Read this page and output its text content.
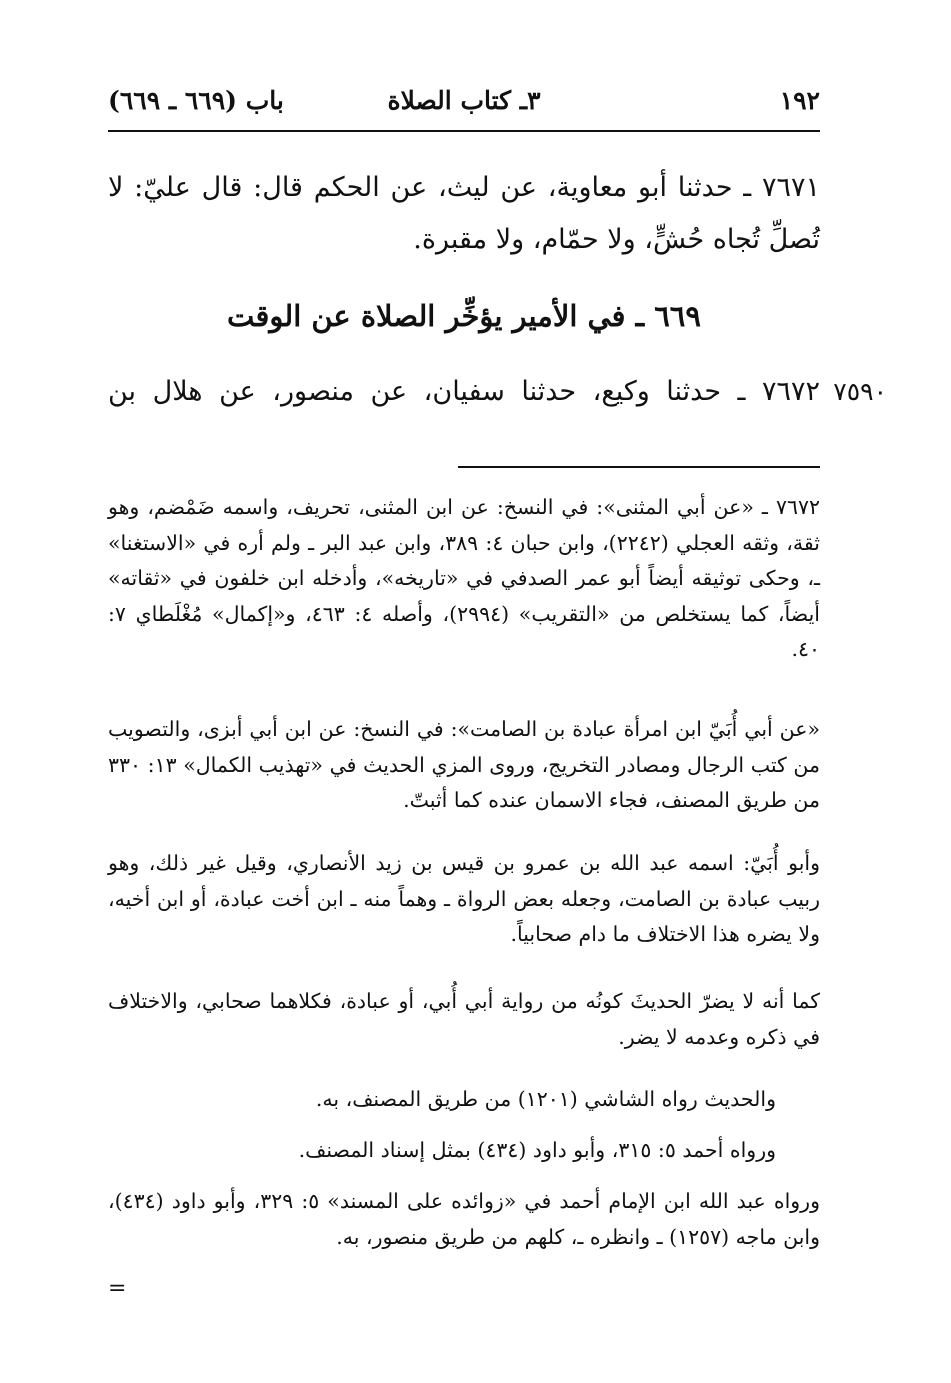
١٩٢
٣ـ كتاب الصلاة
باب (٦٦٩ ـ ٦٦٩)
٧٦٧١ ـ حدثنا أبو معاوية، عن ليث، عن الحكم قال: قال عليّ: لا تُصلِّ تُجاه حُشٍّ، ولا حمّام، ولا مقبرة.
٦٦٩ ـ في الأمير يؤخِّر الصلاة عن الوقت
٧٥٩٠
٧٦٧٢ ـ حدثنا وكيع، حدثنا سفيان، عن منصور، عن هلال بن
٧٦٧٢ ـ «عن أبي المثنى»: في النسخ: عن ابن المثنى، تحريف، واسمه ضَمْضم، وهو ثقة، وثقه العجلي (٢٢٤٢)، وابن حبان ٤: ٣٨٩، وابن عبد البر ـ ولم أره في «الاستغنا» ـ، وحكى توثيقه أيضاً أبو عمر الصدفي في «تاريخه»، وأدخله ابن خلفون في «ثقاته» أيضاً، كما يستخلص من «التقريب» (٢٩٩٤)، وأصله ٤: ٤٦٣، و«إكمال» مُغْلَطاي ٧: ٤٠.
«عن أبي أُبَيّ ابن امرأة عبادة بن الصامت»: في النسخ: عن ابن أبي أبزى، والتصويب من كتب الرجال ومصادر التخريج، وروى المزي الحديث في «تهذيب الكمال» ١٣: ٣٣٠ من طريق المصنف، فجاء الاسمان عنده كما أثبتّ.
وأبو أُبَيّ: اسمه عبد الله بن عمرو بن قيس بن زيد الأنصاري، وقيل غير ذلك، وهو ربيب عبادة بن الصامت، وجعله بعض الرواة ـ وهماً منه ـ ابن أخت عبادة، أو ابن أخيه، ولا يضره هذا الاختلاف ما دام صحابياً.
كما أنه لا يضرّ الحديثَ كونُه من رواية أبي أُبي، أو عبادة، فكلاهما صحابي، والاختلاف في ذكره وعدمه لا يضر.
والحديث رواه الشاشي (١٢٠١) من طريق المصنف، به.
ورواه أحمد ٥: ٣١٥، وأبو داود (٤٣٤) بمثل إسناد المصنف.
ورواه عبد الله ابن الإمام أحمد في «زوائده على المسند» ٥: ٣٢٩، وأبو داود (٤٣٤)، وابن ماجه (١٢٥٧) ـ وانظره ـ، كلهم من طريق منصور، به.
=
